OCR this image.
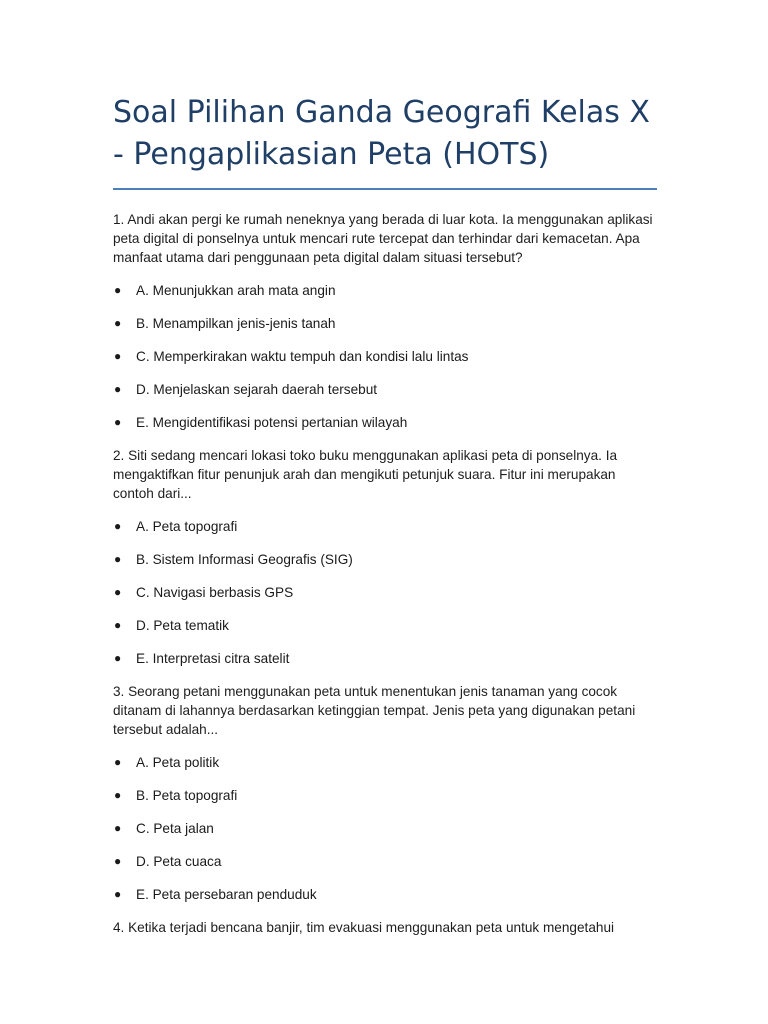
Soal Pilihan Ganda Geografi Kelas X - Pengaplikasian Peta (HOTS)

1. Andi akan pergi ke rumah neneknya yang berada di luar kota. Ia menggunakan aplikasi peta digital di ponselnya untuk mencari rute tercepat dan terhindar dari kemacetan. Apa manfaat utama dari penggunaan peta digital dalam situasi tersebut?

● A. Menunjukkan arah mata angin
● B. Menampilkan jenis-jenis tanah
● C. Memperkirakan waktu tempuh dan kondisi lalu lintas
● D. Menjelaskan sejarah daerah tersebut
● E. Mengidentifikasi potensi pertanian wilayah

2. Siti sedang mencari lokasi toko buku menggunakan aplikasi peta di ponselnya. Ia mengaktifkan fitur penunjuk arah dan mengikuti petunjuk suara. Fitur ini merupakan contoh dari...

● A. Peta topografi
● B. Sistem Informasi Geografis (SIG)
● C. Navigasi berbasis GPS
● D. Peta tematik
● E. Interpretasi citra satelit

3. Seorang petani menggunakan peta untuk menentukan jenis tanaman yang cocok ditanam di lahannya berdasarkan ketinggian tempat. Jenis peta yang digunakan petani tersebut adalah...

● A. Peta politik
● B. Peta topografi
● C. Peta jalan
● D. Peta cuaca
● E. Peta persebaran penduduk

4. Ketika terjadi bencana banjir, tim evakuasi menggunakan peta untuk mengetahui
